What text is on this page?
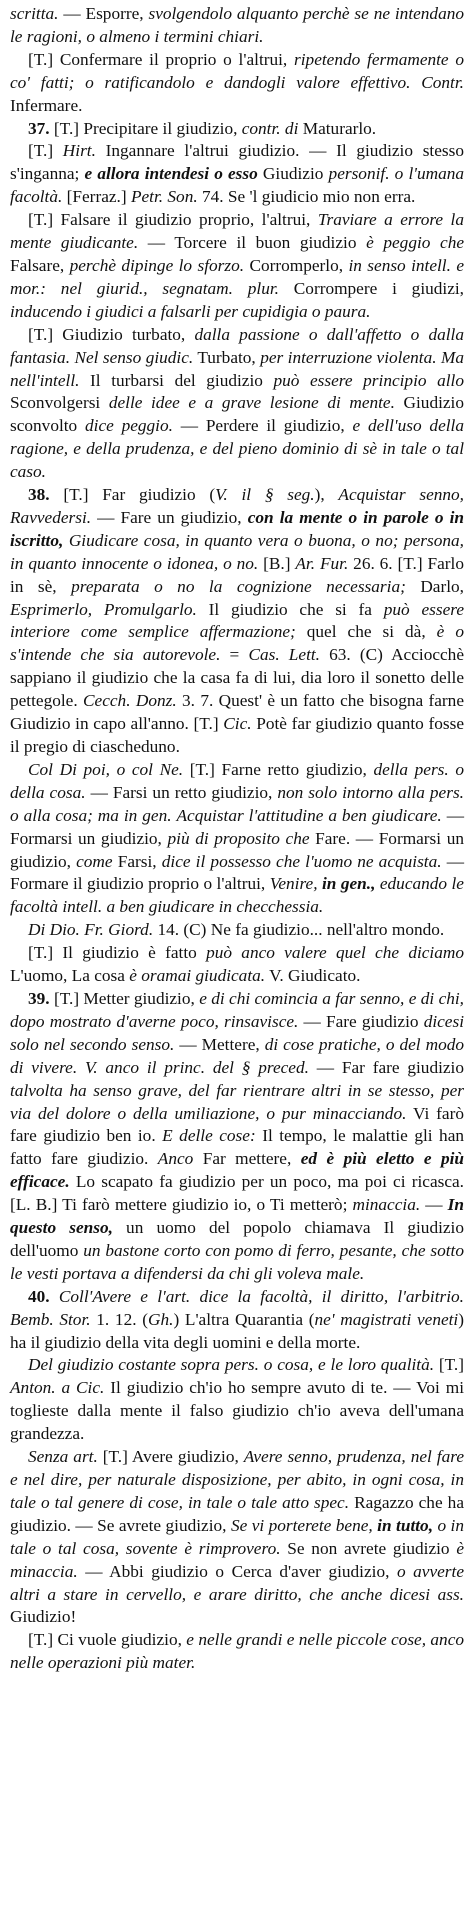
scritta. — Esporre, svolgendolo alquanto perchè se ne intendano le ragioni, o almeno i termini chiari.

[T.] Confermare il proprio o l'altrui, ripetendo fermamente o co' fatti; o ratificandolo e dandogli valore effettivo. Contr. Infermare.

37. [T.] Precipitare il giudizio, contr. di Maturarlo.

[T.] Hirt. Ingannare l'altrui giudizio. — Il giudizio stesso s'inganna; e allora intendesi o esso Giudizio personif. o l'umana facoltà. [Ferraz.] Petr. Son. 74. Se 'l giudicio mio non erra.

[T.] Falsare il giudizio proprio, l'altrui, Traviare a errore la mente giudicante. — Torcere il buon giudizio è peggio che Falsare, perchè dipinge lo sforzo. Corromperlo, in senso intell. e mor.: nel giurid., segnatam. plur. Corrompere i giudizi, inducendo i giudici a falsarli per cupidigia o paura.

[T.] Giudizio turbato, dalla passione o dall'affetto o dalla fantasia. Nel senso giudic. Turbato, per interruzione violenta. Ma nell'intell. Il turbarsi del giudizio può essere principio allo Sconvolgersi delle idee e a grave lesione di mente. Giudizio sconvolto dice peggio. — Perdere il giudizio, e dell'uso della ragione, e della prudenza, e del pieno dominio di sè in tale o tal caso.

38. [T.] Far giudizio (V. il § seg.), Acquistar senno, Ravvedersi. — Fare un giudizio, con la mente o in parole o in iscritto, Giudicare cosa, in quanto vera o buona, o no; persona, in quanto innocente o idonea, o no. [B.] Ar. Fur. 26. 6. [T.] Farlo in sè, preparata o no la cognizione necessaria; Darlo, Esprimerlo, Promulgarlo. Il giudizio che si fa può essere interiore come semplice affermazione; quel che si dà, è o s'intende che sia autorevole. = Cas. Lett. 63. (C) Acciocchè sappiano il giudizio che la casa fa di lui, dia loro il sonetto delle pettegole. Cecch. Donz. 3. 7. Quest' è un fatto che bisogna farne Giudizio in capo all'anno. [T.] Cic. Potè far giudizio quanto fosse il pregio di ciascheduno.

Col Di poi, o col Ne. [T.] Farne retto giudizio, della pers. o della cosa. — Farsi un retto giudizio, non solo intorno alla pers. o alla cosa; ma in gen. Acquistar l'attitudine a ben giudicare. — Formarsi un giudizio, più di proposito che Fare. — Formarsi un giudizio, come Farsi, dice il possesso che l'uomo ne acquista. — Formare il giudizio proprio o l'altrui, Venire, in gen., educando le facoltà intell. a ben giudicare in checchessia.

Di Dio. Fr. Giord. 14. (C) Ne fa giudizio... nell'altro mondo.

[T.] Il giudizio è fatto può anco valere quel che diciamo L'uomo, La cosa è oramai giudicata. V. Giudicato.

39. [T.] Metter giudizio, e di chi comincia a far senno, e di chi, dopo mostrato d'averne poco, rinsavisce. — Fare giudizio dicesi solo nel secondo senso. — Mettere, di cose pratiche, o del modo di vivere. V. anco il princ. del § preced. — Far fare giudizio talvolta ha senso grave, del far rientrare altri in se stesso, per via del dolore o della umiliazione, o pur minacciando. Vi farò fare giudizio ben io. E delle cose: Il tempo, le malattie gli han fatto fare giudizio. Anco Far mettere, ed è più eletto e più efficace. Lo scapato fa giudizio per un poco, ma poi ci ricasca. [L. B.] Ti farò mettere giudizio io, o Ti metterò; minaccia. — In questo senso, un uomo del popolo chiamava Il giudizio dell'uomo un bastone corto con pomo di ferro, pesante, che sotto le vesti portava a difendersi da chi gli voleva male.

40. Coll'Avere e l'art. dice la facoltà, il diritto, l'arbitrio. Bemb. Stor. 1. 12. (Gh.) L'altra Quarantia (ne' magistrati veneti) ha il giudizio della vita degli uomini e della morte.

Del giudizio costante sopra pers. o cosa, e le loro qualità. [T.] Anton. a Cic. Il giudizio ch'io ho sempre avuto di te. — Voi mi toglieste dalla mente il falso giudizio ch'io aveva dell'umana grandezza.

Senza art. [T.] Avere giudizio, Avere senno, prudenza, nel fare e nel dire, per naturale disposizione, per abito, in ogni cosa, in tale o tal genere di cose, in tale o tale atto spec. Ragazzo che ha giudizio. — Se avrete giudizio, Se vi porterete bene, in tutto, o in tale o tal cosa, sovente è rimprovero. Se non avrete giudizio è minaccia. — Abbi giudizio o Cerca d'aver giudizio, o avverte altri a stare in cervello, e arare diritto, che anche dicesi ass. Giudizio!

[T.] Ci vuole giudizio, e nelle grandi e nelle piccole cose, anco nelle operazioni più mater.
